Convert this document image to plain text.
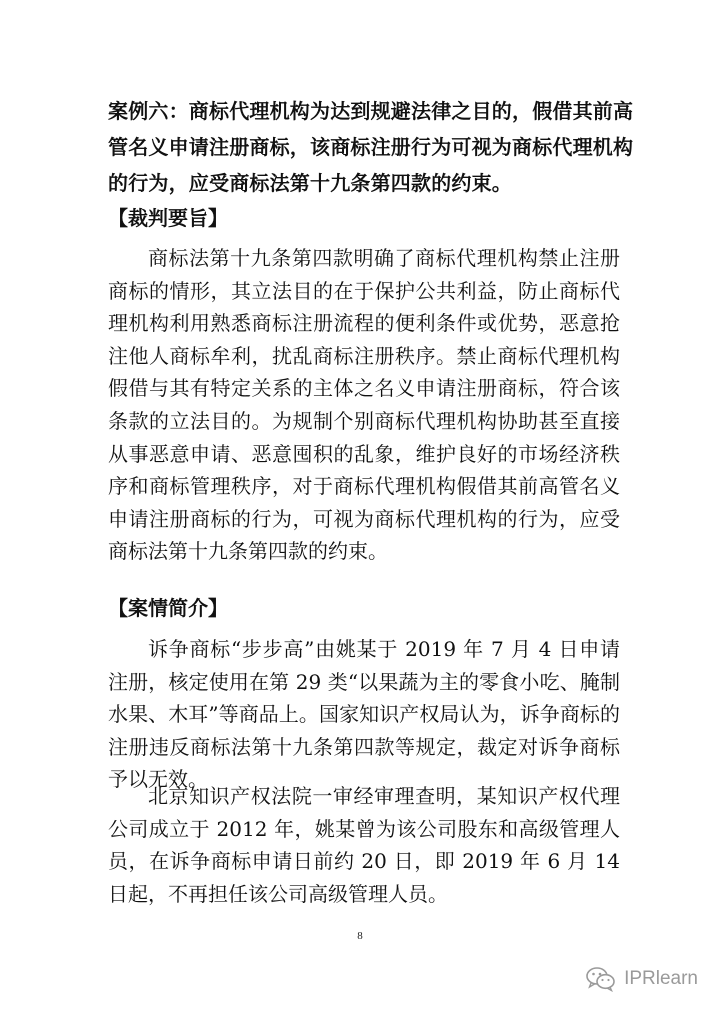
案例六：商标代理机构为达到规避法律之目的，假借其前高管名义申请注册商标，该商标注册行为可视为商标代理机构的行为，应受商标法第十九条第四款的约束。

【裁判要旨】

商标法第十九条第四款明确了商标代理机构禁止注册商标的情形，其立法目的在于保护公共利益，防止商标代理机构利用熟悉商标注册流程的便利条件或优势，恶意抢注他人商标牟利，扰乱商标注册秩序。禁止商标代理机构假借与其有特定关系的主体之名义申请注册商标，符合该条款的立法目的。为规制个别商标代理机构协助甚至直接从事恶意申请、恶意囤积的乱象，维护良好的市场经济秩序和商标管理秩序，对于商标代理机构假借其前高管名义申请注册商标的行为，可视为商标代理机构的行为，应受商标法第十九条第四款的约束。

【案情简介】

诉争商标“步步高”由姚某于 2019 年 7 月 4 日申请注册，核定使用在第 29 类“以果蔬为主的零食小吃、腌制水果、木耳”等商品上。国家知识产权局认为，诉争商标的注册违反商标法第十九条第四款等规定，裁定对诉争商标予以无效。

北京知识产权法院一审经审理查明，某知识产权代理公司成立于 2012 年，姚某曾为该公司股东和高级管理人员，在诉争商标申请日前约 20 日，即 2019 年 6 月 14 日起，不再担任该公司高级管理人员。

8
IPRlearn
